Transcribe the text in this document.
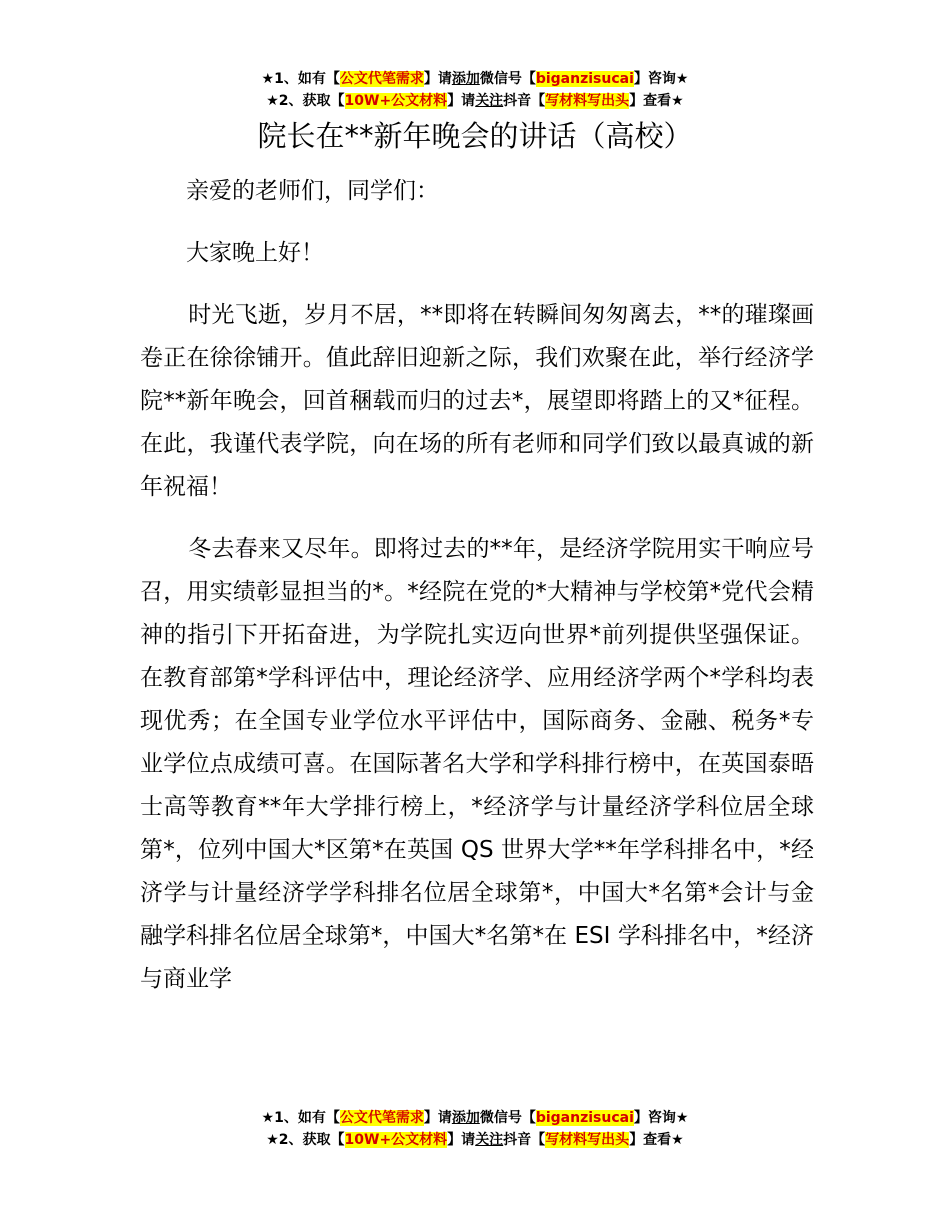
★1、如有【公文代笔需求】请添加微信号【biganzisucai】咨询★
★2、获取【10W+公文材料】请关注抖音【写材料写出头】查看★
院长在**新年晚会的讲话（高校）

亲爱的老师们，同学们：

大家晚上好！

时光飞逝，岁月不居，**即将在转瞬间匆匆离去，**的璀璨画卷正在徐徐铺开。值此辞旧迎新之际，我们欢聚在此，举行经济学院**新年晚会，回首稛载而归的过去*，展望即将踏上的又*征程。在此，我谨代表学院，向在场的所有老师和同学们致以最真诚的新年祝福！

冬去春来又尽年。即将过去的**年，是经济学院用实干响应号召，用实绩彰显担当的*。*经院在党的*大精神与学校第*党代会精神的指引下开拓奋进，为学院扎实迈向世界*前列提供坚强保证。在教育部第*学科评估中，理论经济学、应用经济学两个*学科均表现优秀；在全国专业学位水平评估中，国际商务、金融、税务*专业学位点成绩可喜。在国际著名大学和学科排行榜中，在英国泰晤士高等教育**年大学排行榜上，*经济学与计量经济学科位居全球第*，位列中国大*区第*在英国 QS 世界大学**年学科排名中，*经济学与计量经济学学科排名位居全球第*，中国大*名第*会计与金融学科排名位居全球第*，中国大*名第*在 ESI 学科排名中，*经济与商业学

★1、如有【公文代笔需求】请添加微信号【biganzisucai】咨询★
★2、获取【10W+公文材料】请关注抖音【写材料写出头】查看★
